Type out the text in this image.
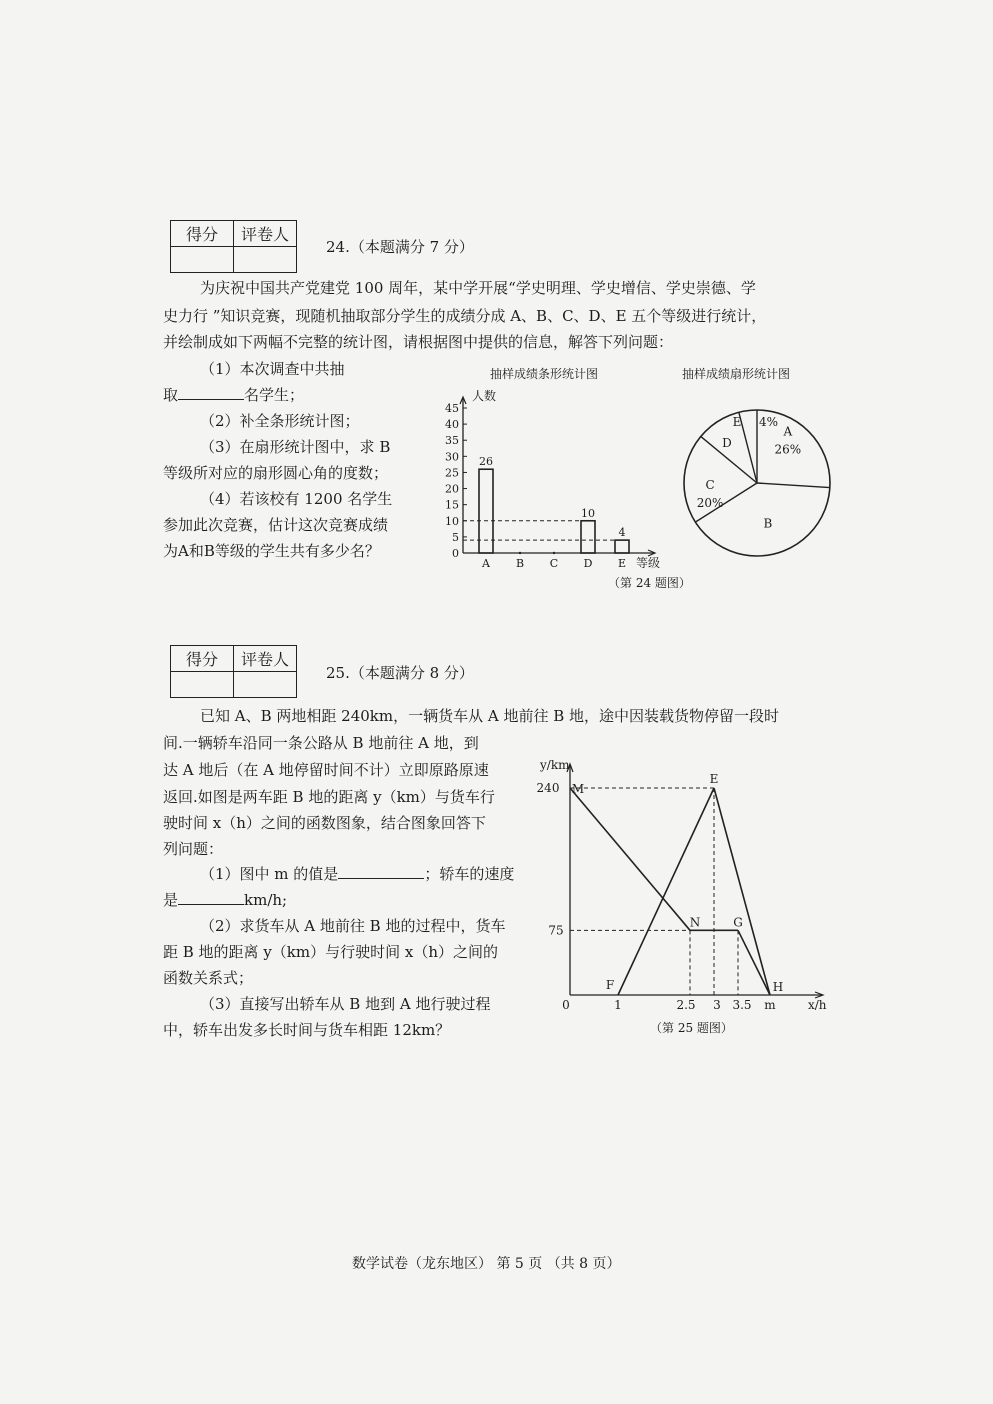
得分	评卷人

24.（本题满分 7 分）
为庆祝中国共产党建党 100 周年，某中学开展“学史明理、学史增信、学史崇德、学
史力行 ”知识竞赛，现随机抽取部分学生的成绩分成 A、B、C、D、E 五个等级进行统计，
并绘制成如下两幅不完整的统计图，请根据图中提供的信息，解答下列问题：
（1）本次调查中共抽
取	名学生；
（2）补全条形统计图；
（3）在扇形统计图中，求 B
等级所对应的扇形圆心角的度数；
（4）若该校有 1200 名学生
参加此次竞赛，估计这次竞赛成绩
为A和B等级的学生共有多少名？
抽样成绩条形统计图
人数
等级
（第 24 题图）
0
5
10
15
20
25
30
35
40
45
A B C D E
26
10
4
抽样成绩扇形统计图
A
26%
B
C
20%
D
E 4%
得分	评卷人

25.（本题满分 8 分）
已知 A、B 两地相距 240km，一辆货车从 A 地前往 B 地，途中因装载货物停留一段时
间.一辆轿车沿同一条公路从 B 地前往 A 地，到
达 A 地后（在 A 地停留时间不计）立即原路原速
返回.如图是两车距 B 地的距离 y（km）与货车行
驶时间 x（h）之间的函数图象，结合图象回答下
列问题：
（1）图中 m 的值是	；轿车的速度
是	km/h;
（2）求货车从 A 地前往 B 地的过程中，货车
距 B 地的距离 y（km）与行驶时间 x（h）之间的
函数关系式；
（3）直接写出轿车从 B 地到 A 地行驶过程
中，轿车出发多长时间与货车相距 12km？
y/km
x/h
240
75
0	1	2.5 3 3.5 m
M
E
N	G
F	H
（第 25 题图）
数学试卷（龙东地区） 第 5 页 （共 8 页）
